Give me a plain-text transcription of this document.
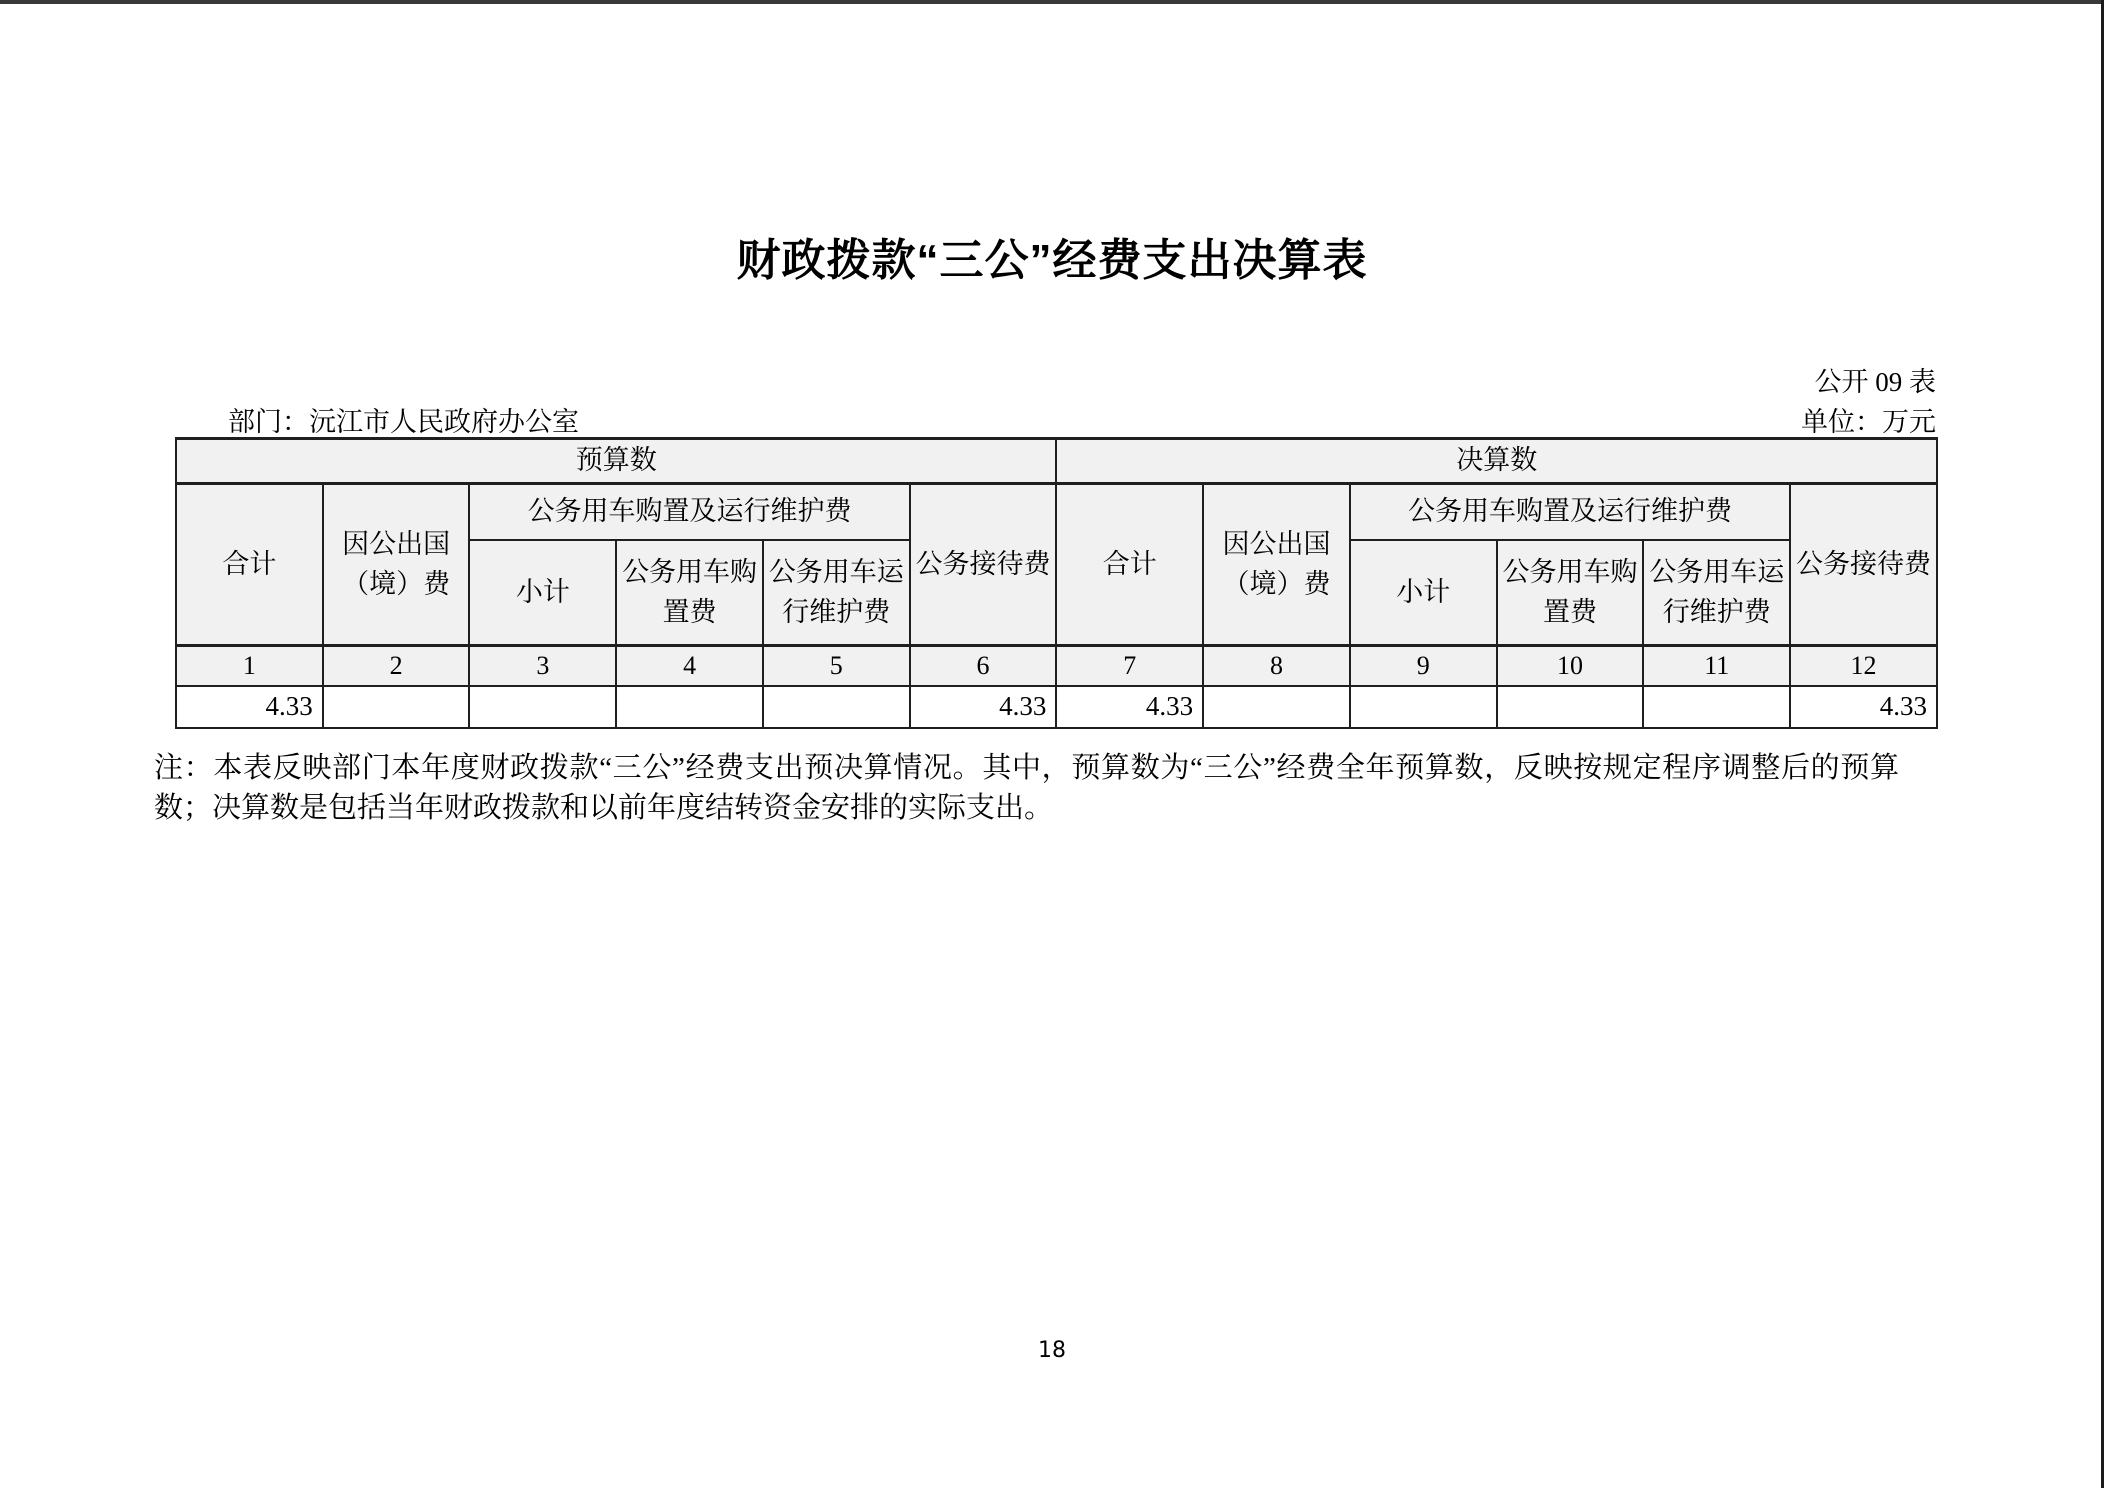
财政拨款“三公”经费支出决算表
公开 09 表
部门：沅江市人民政府办公室	单位：万元
预算数						决算数					
合计	因公出国（境）费	公务用车购置及运行维护费			公务接待费	合计	因公出国（境）费	公务用车购置及运行维护费			公务接待费
		小计	公务用车购置费	公务用车运行维护费				小计	公务用车购置费	公务用车运行维护费	
1	2	3	4	5	6	7	8	9	10	11	12
4.33					4.33	4.33					4.33
注：本表反映部门本年度财政拨款“三公”经费支出预决算情况。其中，预算数为“三公”经费全年预算数，反映按规定程序调整后的预算数；决算数是包括当年财政拨款和以前年度结转资金安排的实际支出。
18
